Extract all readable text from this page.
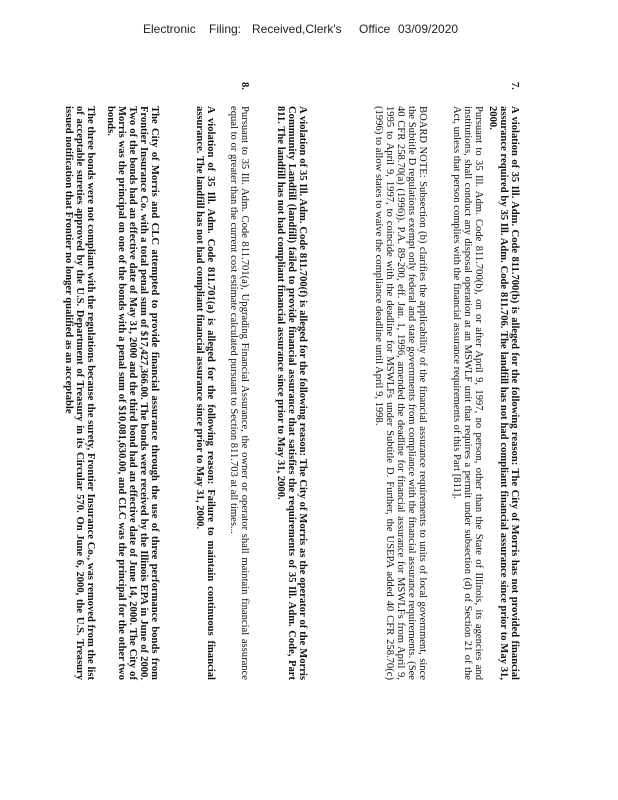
Electronic Filing: Received,Clerk's Office 03/09/2020
7.
A violation of 35 Ill. Adm. Code 811.700(b) is alleged for the following reason: The City of Morris has not provided financial assurance required by 35 Ill. Adm. Code 811.706. The landfill has not had compliant financial assurance since prior to May 31, 2000.
Pursuant to 35 Ill. Adm. Code 811.700(b), on or after April 9, 1997, no person, other than the State of Illinois, its agencies and institutions, shall conduct any disposal operation at an MSWLF unit that requires a permit under subsection (d) of Section 21 of the Act, unless that person complies with the financial assurance requirements of this Part [811].
BOARD NOTE: Subsection (b) clarifies the applicability of the financial assurance requirements to units of local government, since the Subtitle D regulations exempt only federal and state governments from compliance with the financial assurance requirements. (See 40 CFR 258.70(a) (1996)). P.A. 89-200, eff. Jan. 1, 1996, amended the deadline for financial assurance for MSWLFs from April 9, 1995 to April 9, 1997, to coincide with the deadline for MSWLFs under Subtitle D. Further, the USEPA added 40 CFR 258.70(c) (1996) to allow states to waive the compliance deadline until April 9, 1998.
A violation of 35 Ill. Adm. Code 811.700(f) is alleged for the following reason: The City of Morris as the operator of the Morris Community Landfill (landfill) failed to provide financial assurance that satisfies the requirements of 35 Ill. Adm. Code, Part 811. The landfill has not had compliant financial assurance since prior to May 31, 2000.
8.
Pursuant to 35 Ill. Adm. Code 811.701(a), Upgrading Financial Assurance, the owner or operator shall maintain financial assurance equal to or greater than the current cost estimate calculated pursuant to Section 811.703 at all times...
A violation of 35 Ill. Adm. Code 811.701(a) is alleged for the following reason: Failure to maintain continuous financial assurance. The landfill has not had compliant financial assurance since prior to May 31, 2000.
The City of Morris and CLC attempted to provide financial assurance through the use of three performance bonds from Frontier Insurance Co. with a total penal sum of $17,427,366.00. The bonds were received by the Illinois EPA in June of 2000. Two of the bonds had an effective date of May 31, 2000 and the third bond had an effective date of June 14, 2000. The City of Morris was the principal on one of the bonds with a penal sum of $10,081,630.00, and CLC was the principal for the other two bonds.
The three bonds were not compliant with the regulations because the surety, Frontier Insurance Co., was removed from the list of acceptable sureties approved by the U.S. Department of Treasury in its Circular 570. On June 6, 2000, the U.S. Treasury issued notification that Frontier no longer qualified as an acceptable
